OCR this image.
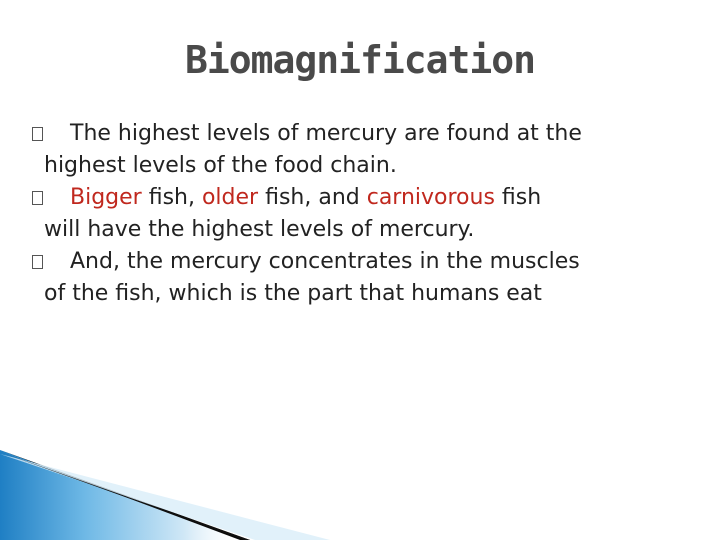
Biomagnification

The highest levels of mercury are found at the
highest levels of the food chain.

Bigger fish, older fish, and carnivorous fish
will have the highest levels of mercury.

And, the mercury concentrates in the muscles
of the fish, which is the part that humans eat
